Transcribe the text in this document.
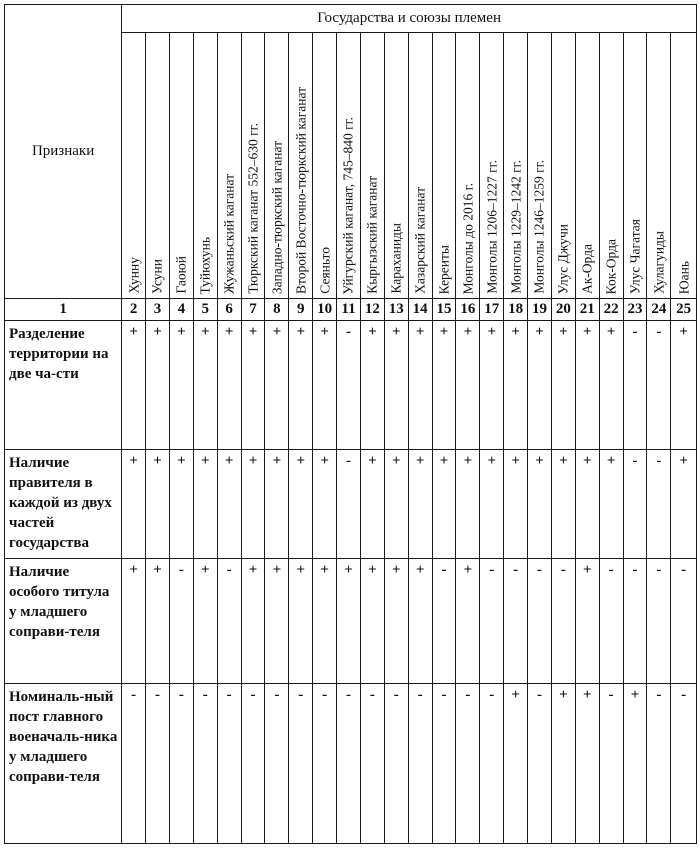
Признаки	Государства и союзы племен																							

	Хунну	Усуни	Гаоюй	Туйюхунь	Жужаньский каганат	Тюркский каганат 552–630 гг.	Западно-тюркский каганат	Второй Восточно-тюркский каганат	Сеяньто	Уйгурский каганат, 745–840 гг.	Кыргызский каганат	Караханиды	Хазарский каганат	Кереиты	Монголы до 2016 г.	Монголы 1206–1227 гг.	Монголы 1229–1242 гг.	Монголы 1246–1259 гг.	Улус Джучи	Ак-Орда	Кок-Орда	Улус Чагатая	Хулагуиды	Юань

1	2	3	4	5	6	7	8	9	10	11	12	13	14	15	16	17	18	19	20	21	22	23	24	25
Разделение территории на две ча-сти	+	+	+	+	+	+	+	+	+	-	+	+	+	+	+	+	+	+	+	+	+	-	-	+
Наличие правителя в каждой из двух частей государства	+	+	+	+	+	+	+	+	+	-	+	+	+	+	+	+	+	+	+	+	+	-	-	+
Наличие особого титула у младшего соправи-теля	+	+	-	+	-	+	+	+	+	+	+	+	+	-	+	-	-	-	-	+	-	-	-	-
Номиналь-ный пост главного военачаль-ника у младшего соправи-теля	-	-	-	-	-	-	-	-	-	-	-	-	-	-	-	-	+	-	+	+	-	+	-	-
